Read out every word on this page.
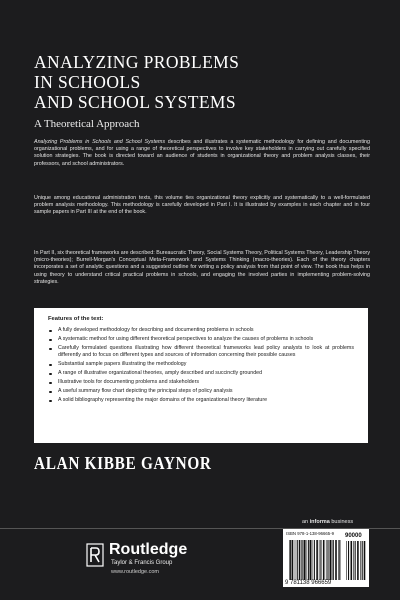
ANALYZING PROBLEMS
IN SCHOOLS
AND SCHOOL SYSTEMS
A Theoretical Approach

Analyzing Problems in Schools and School Systems describes and illustrates a systematic methodology for defining and documenting organizational problems, and for using a range of theoretical perspectives to involve key stakeholders in carrying out carefully specified solution strategies. The book is directed toward an audience of students in organizational theory and problem analysis classes, their professors, and school administrators.

Unique among educational administration texts, this volume ties organizational theory explicitly and systematically to a well-formulated problem analysis methodology. This methodology is carefully developed in Part I. It is illustrated by examples in each chapter and in four sample papers in Part III at the end of the book.

In Part II, six theoretical frameworks are described: Bureaucratic Theory, Social Systems Theory, Political Systems Theory, Leadership Theory (micro-theories); Burrell-Morgan's Conceptual Meta-Framework and Systems Thinking (macro-theories). Each of the theory chapters incorporates a set of analytic questions and a suggested outline for writing a policy analysis from that point of view. The book thus helps in using theory to understand critical practical problems in schools, and engaging the involved parties in implementing problem-solving strategies.

Features of the text:
A fully developed methodology for describing and documenting problems in schools
A systematic method for using different theoretical perspectives to analyze the causes of problems in schools
Carefully formulated questions illustrating how different theoretical frameworks lead policy analysts to look at problems differently and to focus on different types and sources of information concerning their possible causes
Substantial sample papers illustrating the methodology
A range of illustrative organizational theories, amply described and succinctly grounded
Illustrative tools for documenting problems and stakeholders
A useful summary flow chart depicting the principal steps of policy analysis
A solid bibliography representing the major domains of the organizational theory literature
ALAN KIBBE GAYNOR
an informa business
Routledge
Taylor & Francis Group
www.routledge.com
ISBN 978-1-138-96665-9 90000
9 781138 966659
